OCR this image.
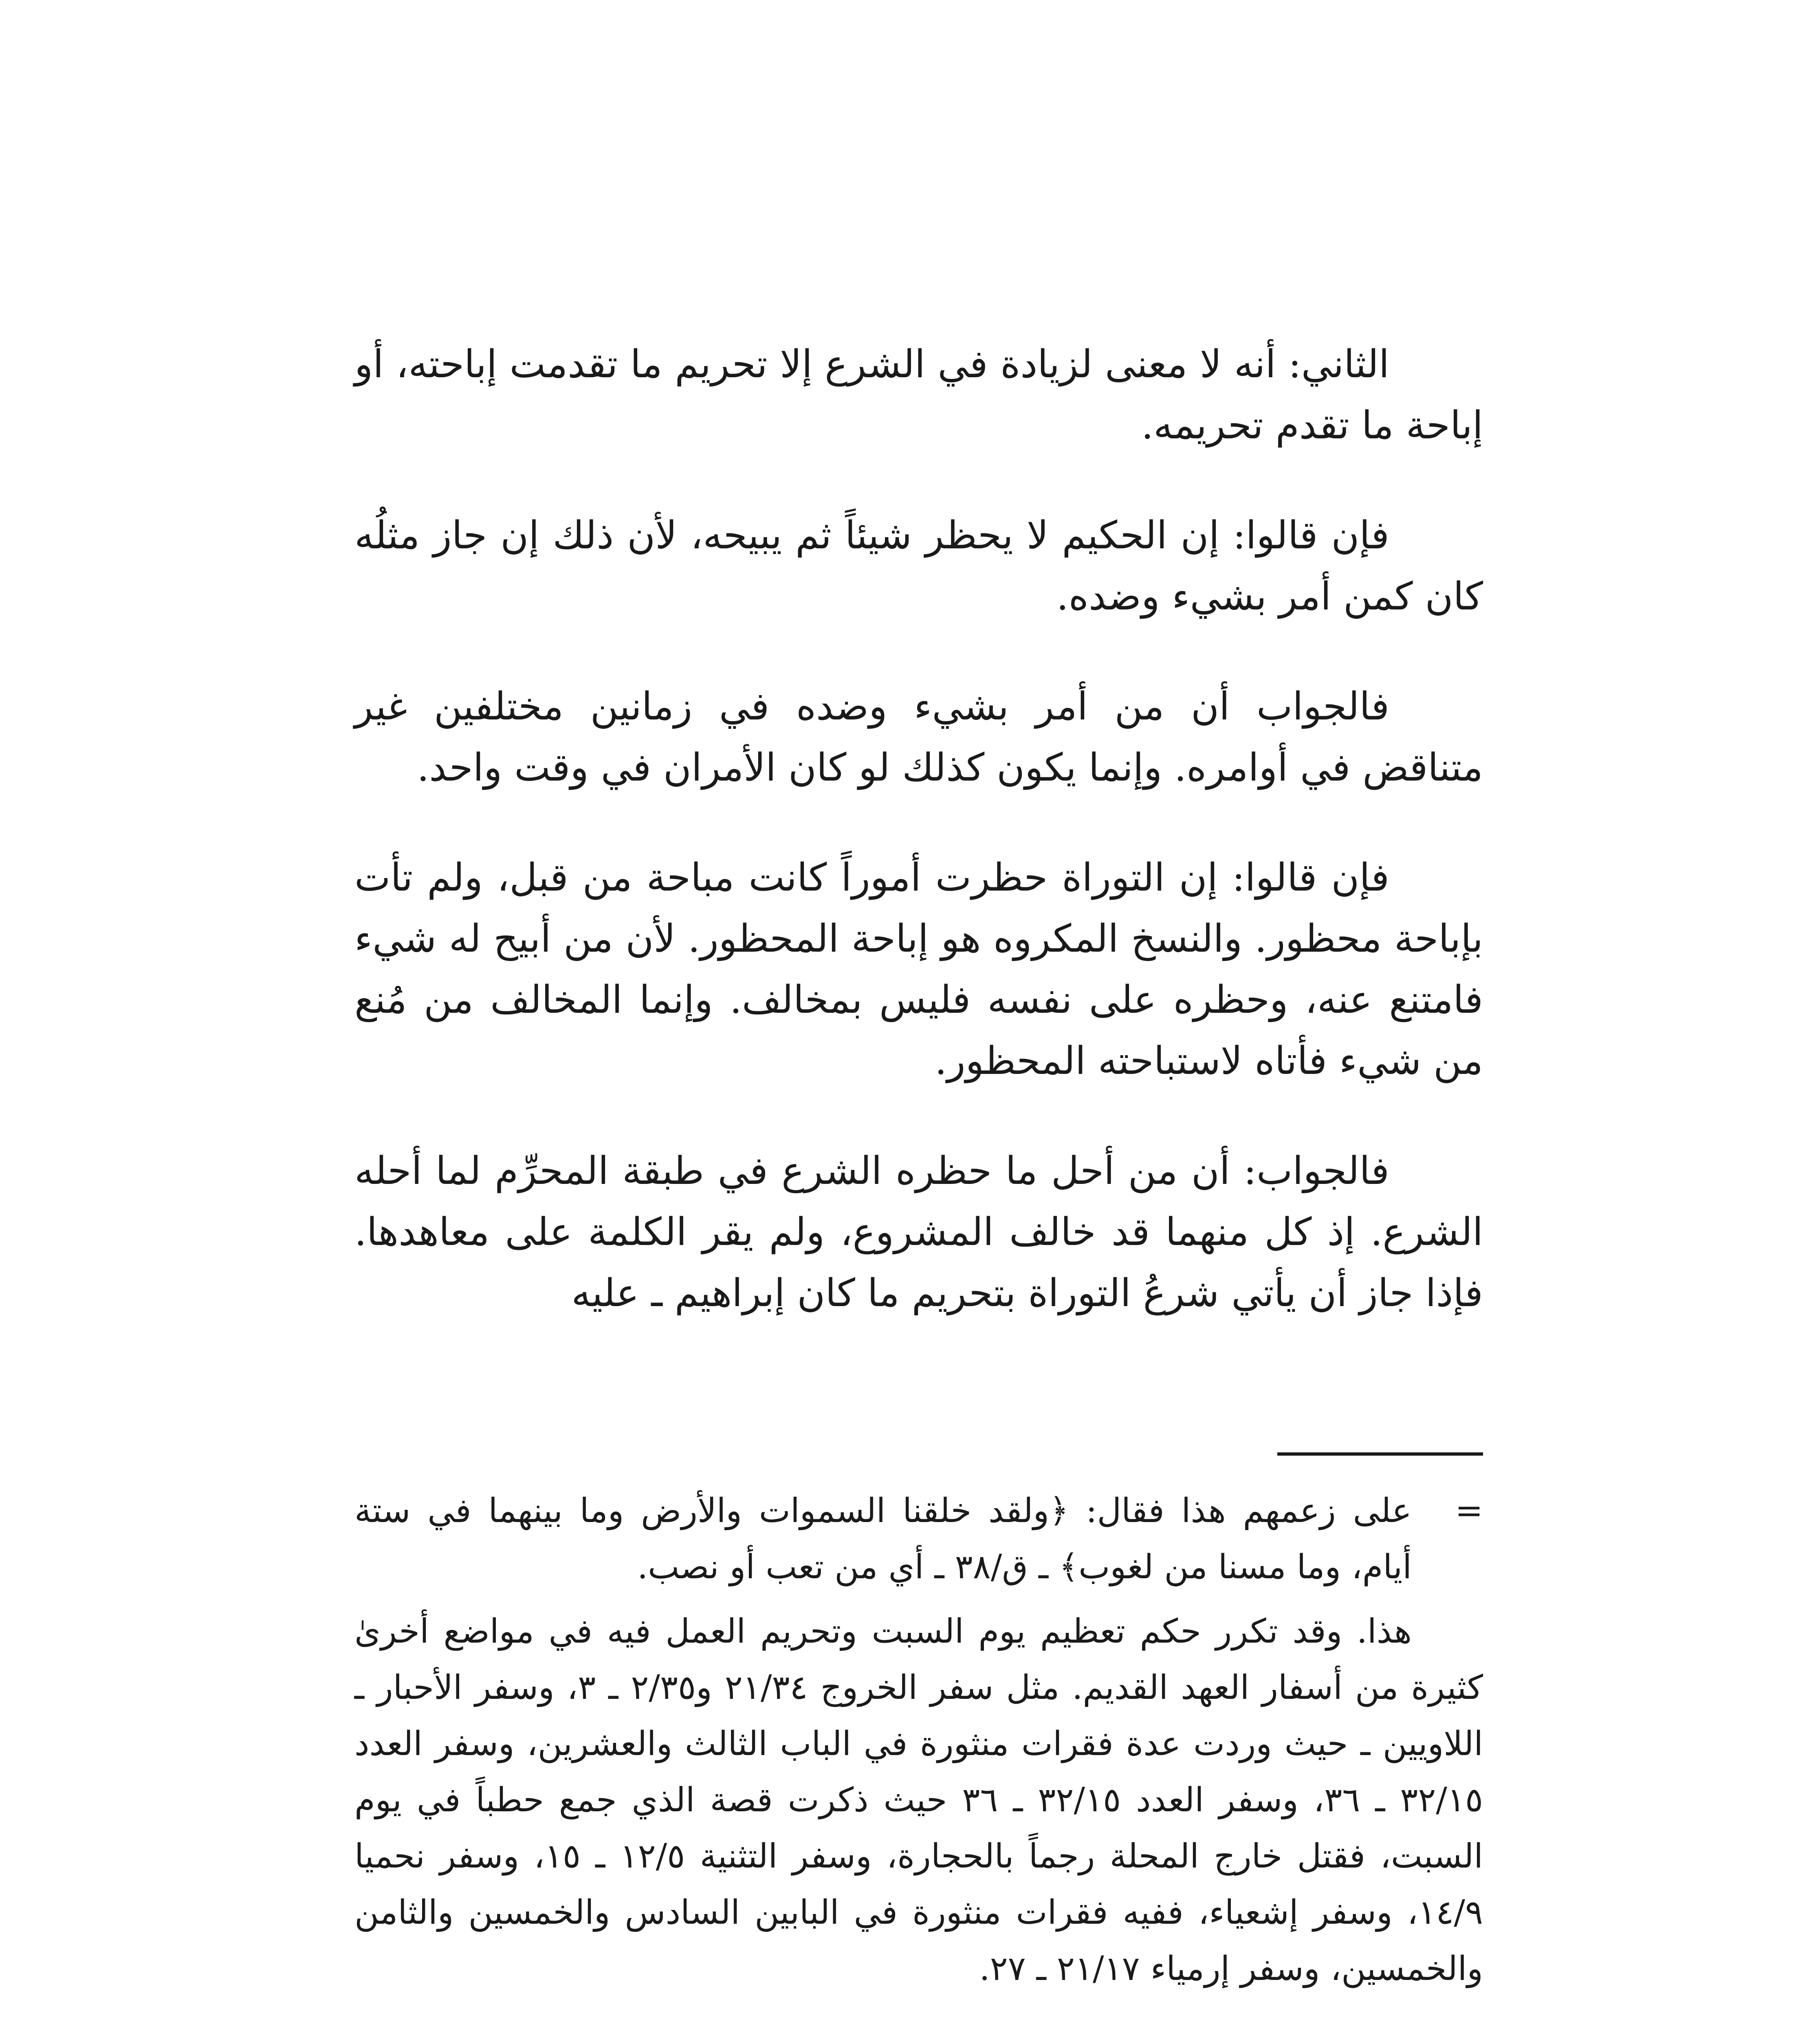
الثاني: أنه لا معنى لزيادة في الشرع إلا تحريم ما تقدمت إباحته، أو إباحة ما تقدم تحريمه.

فإن قالوا: إن الحكيم لا يحظر شيئاً ثم يبيحه، لأن ذلك إن جاز مثلُه كان كمن أمر بشيء وضده.

فالجواب أن من أمر بشيء وضده في زمانين مختلفين غير متناقض في أوامره. وإنما يكون كذلك لو كان الأمران في وقت واحد.

فإن قالوا: إن التوراة حظرت أموراً كانت مباحة من قبل، ولم تأت بإباحة محظور. والنسخ المكروه هو إباحة المحظور. لأن من أبيح له شيء فامتنع عنه، وحظره على نفسه فليس بمخالف. وإنما المخالف من مُنع من شيء فأتاه لاستباحته المحظور.

فالجواب: أن من أحل ما حظره الشرع في طبقة المحرِّم لما أحله الشرع. إذ كل منهما قد خالف المشروع، ولم يقر الكلمة على معاهدها. فإذا جاز أن يأتي شرعُ التوراة بتحريم ما كان إبراهيم ـ عليه

=
على زعمهم هذا فقال: ﴿ولقد خلقنا السموات والأرض وما بينهما في ستة أيام، وما مسنا من لغوب﴾ ـ ق/٣٨ ـ أي من تعب أو نصب.

هذا. وقد تكرر حكم تعظيم يوم السبت وتحريم العمل فيه في مواضع أخرىٰ كثيرة من أسفار العهد القديم. مثل سفر الخروج ٢١/٣٤ و٢/٣٥ ـ ٣، وسفر الأحبار ـ اللاويين ـ حيث وردت عدة فقرات منثورة في الباب الثالث والعشرين، وسفر العدد ٣٢/١٥ ـ ٣٦، وسفر العدد ٣٢/١٥ ـ ٣٦ حيث ذكرت قصة الذي جمع حطباً في يوم السبت، فقتل خارج المحلة رجماً بالحجارة، وسفر التثنية ١٢/٥ ـ ١٥، وسفر نحميا ١٤/٩، وسفر إشعياء، ففيه فقرات منثورة في البابين السادس والخمسين والثامن والخمسين، وسفر إرمياء ٢١/١٧ ـ ٢٧.
